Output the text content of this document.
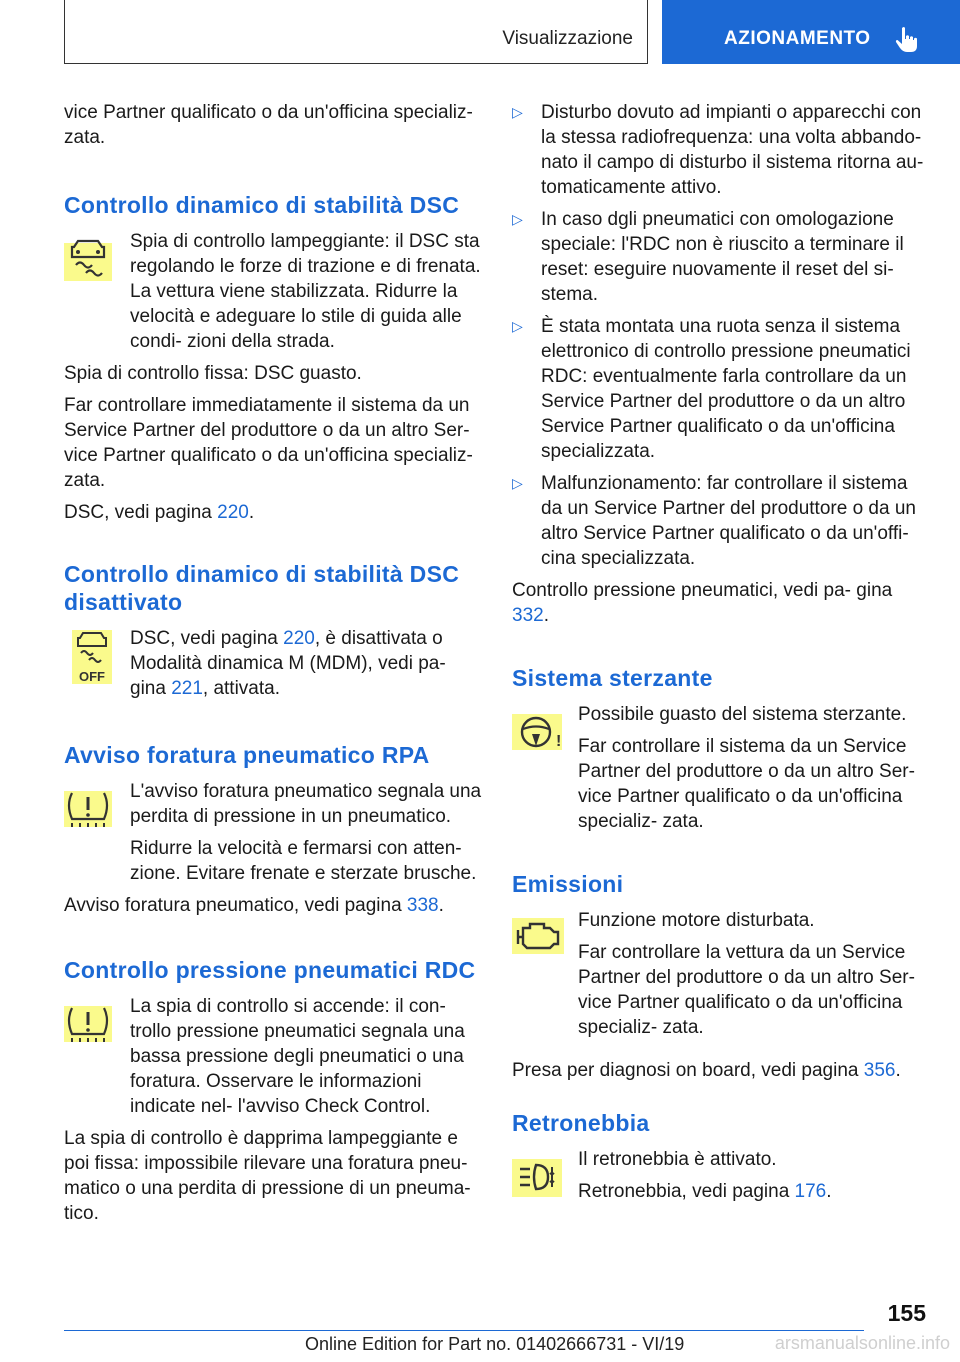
Visualizzazione	AZIONAMENTO

vice Partner qualificato o da un'officina specializ-
zata.

Controllo dinamico di stabilità DSC

Spia di controllo lampeggiante: il DSC sta regolando le forze di trazione e di frenata. La vettura viene stabilizzata. Ridurre la velocità e adeguare lo stile di guida alle condi- zioni della strada.

Spia di controllo fissa: DSC guasto.

Far controllare immediatamente il sistema da un Service Partner del produttore o da un altro Ser- vice Partner qualificato o da un'officina specializ- zata.

DSC, vedi pagina 220.

Controllo dinamico di stabilità DSC disattivato
OFF

DSC, vedi pagina 220, è disattivata o Modalità dinamica M (MDM), vedi pa- gina 221, attivata.

Avviso foratura pneumatico RPA

L'avviso foratura pneumatico segnala una perdita di pressione in un pneumatico.

Ridurre la velocità e fermarsi con atten- zione. Evitare frenate e sterzate brusche.

Avviso foratura pneumatico, vedi pagina 338.

Controllo pressione pneumatici RDC

La spia di controllo si accende: il con- trollo pressione pneumatici segnala una bassa pressione degli pneumatici o una foratura. Osservare le informazioni indicate nel- l'avviso Check Control.

La spia di controllo è dapprima lampeggiante e poi fissa: impossibile rilevare una foratura pneu- matico o una perdita di pressione di un pneuma- tico.

▷ Disturbo dovuto ad impianti o apparecchi con la stessa radiofrequenza: una volta abbando- nato il campo di disturbo il sistema ritorna au- tomaticamente attivo.
▷ In caso dgli pneumatici con omologazione speciale: l'RDC non è riuscito a terminare il reset: eseguire nuovamente il reset del si- stema.
▷ È stata montata una ruota senza il sistema elettronico di controllo pressione pneumatici RDC: eventualmente farla controllare da un Service Partner del produttore o da un altro Service Partner qualificato o da un'officina specializzata.
▷ Malfunzionamento: far controllare il sistema da un Service Partner del produttore o da un altro Service Partner qualificato o da un'offi- cina specializzata.

Controllo pressione pneumatici, vedi pa- gina 332.

Sistema sterzante
!

Possibile guasto del sistema sterzante.

Far controllare il sistema da un Service Partner del produttore o da un altro Ser- vice Partner qualificato o da un'officina specializ- zata.

Emissioni

Funzione motore disturbata.

Far controllare la vettura da un Service Partner del produttore o da un altro Ser- vice Partner qualificato o da un'officina specializ- zata.

Presa per diagnosi on board, vedi pagina 356.

Retronebbia

Il retronebbia è attivato.

Retronebbia, vedi pagina 176.

155
Online Edition for Part no. 01402666731 - VI/19	arsmanualsonline.info
